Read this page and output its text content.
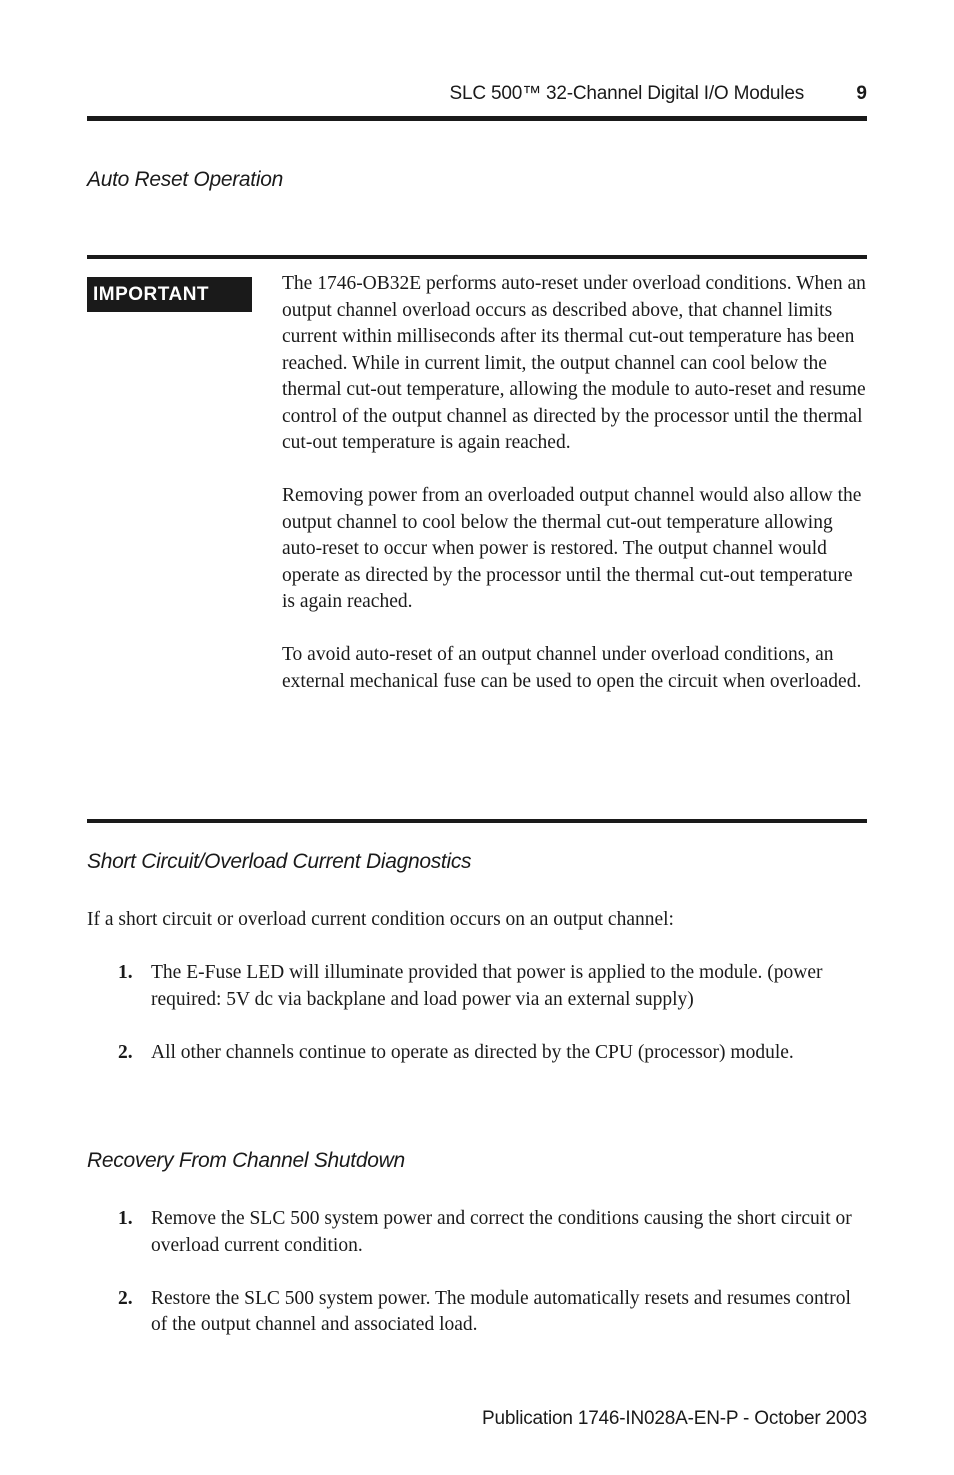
SLC 500™ 32-Channel Digital I/O Modules	9
Auto Reset Operation
IMPORTANT

The 1746-OB32E performs auto-reset under overload conditions. When an output channel overload occurs as described above, that channel limits current within milliseconds after its thermal cut-out temperature has been reached. While in current limit, the output channel can cool below the thermal cut-out temperature, allowing the module to auto-reset and resume control of the output channel as directed by the processor until the thermal cut-out temperature is again reached.

Removing power from an overloaded output channel would also allow the output channel to cool below the thermal cut-out temperature allowing auto-reset to occur when power is restored. The output channel would operate as directed by the processor until the thermal cut-out temperature is again reached.

To avoid auto-reset of an output channel under overload conditions, an external mechanical fuse can be used to open the circuit when overloaded.

Short Circuit/Overload Current Diagnostics
If a short circuit or overload current condition occurs on an output channel:
1. The E-Fuse LED will illuminate provided that power is applied to the module. (power required: 5V dc via backplane and load power via an external supply)
2. All other channels continue to operate as directed by the CPU (processor) module.
Recovery From Channel Shutdown
1. Remove the SLC 500 system power and correct the conditions causing the short circuit or overload current condition.
2. Restore the SLC 500 system power. The module automatically resets and resumes control of the output channel and associated load.
Publication 1746-IN028A-EN-P - October 2003
